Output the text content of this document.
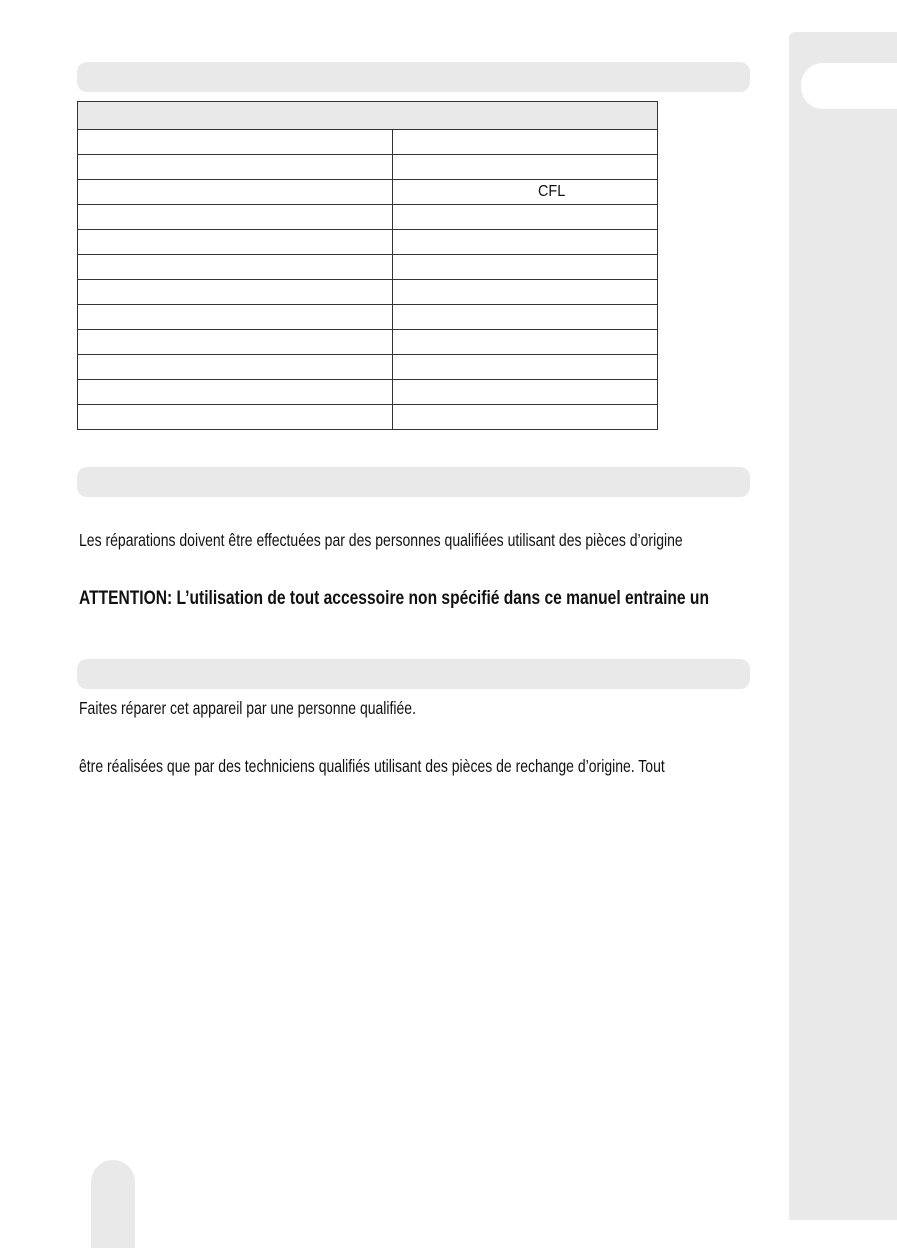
	CFL

Les réparations doivent être effectuées par des personnes qualifiées utilisant des pièces d’origine
ATTENTION: L’utilisation de tout accessoire non spécifié dans ce manuel entraine un
Faites réparer cet appareil par une personne qualifiée.
être réalisées que par des techniciens qualifiés utilisant des pièces de rechange d’origine. Tout
